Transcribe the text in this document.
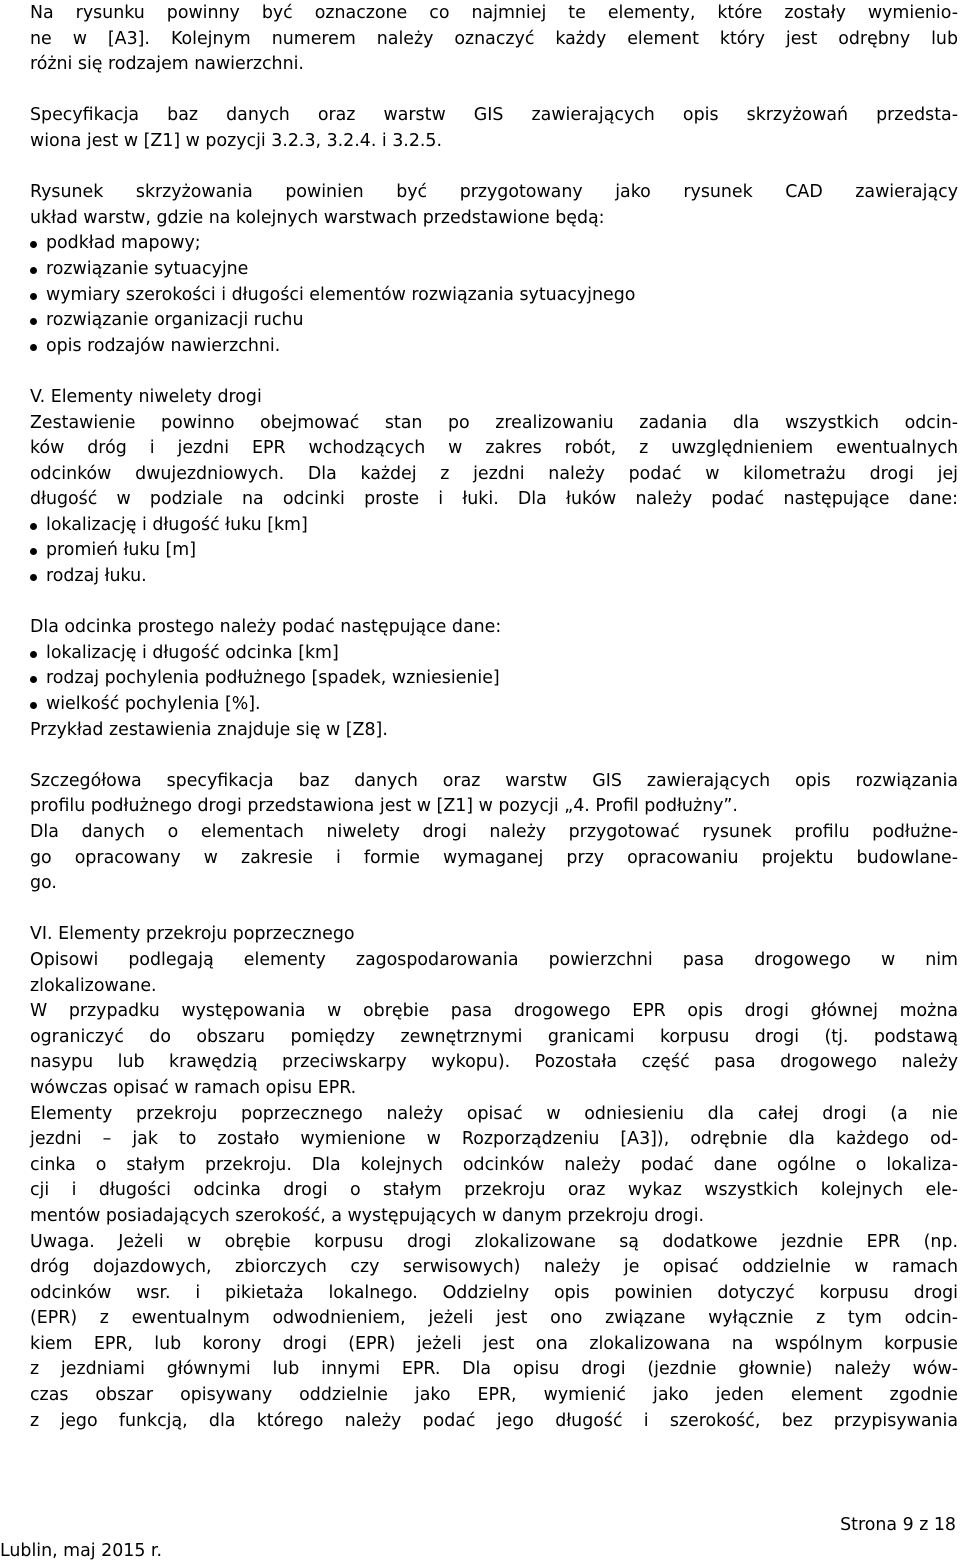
Na rysunku powinny być oznaczone co najmniej te elementy, które zostały wymienio-
ne w [A3]. Kolejnym numerem należy oznaczyć każdy element który jest odrębny lub
różni się rodzajem nawierzchni.
Specyfikacja baz danych oraz warstw GIS zawierających opis skrzyżowań przedsta-
wiona jest w [Z1] w pozycji 3.2.3, 3.2.4. i 3.2.5.
Rysunek skrzyżowania powinien być przygotowany jako rysunek CAD zawierający
układ warstw, gdzie na kolejnych warstwach przedstawione będą:
podkład mapowy;
rozwiązanie sytuacyjne
wymiary szerokości i długości elementów rozwiązania sytuacyjnego
rozwiązanie organizacji ruchu
opis rodzajów nawierzchni.
V. Elementy niwelety drogi
Zestawienie powinno obejmować stan po zrealizowaniu zadania dla wszystkich odcin-
ków dróg i jezdni EPR wchodzących w zakres robót, z uwzględnieniem ewentualnych
odcinków dwujezdniowych. Dla każdej z jezdni należy podać w kilometrażu drogi jej
długość w podziale na odcinki proste i łuki. Dla łuków należy podać następujące dane:
lokalizację i długość łuku [km]
promień łuku [m]
rodzaj łuku.
Dla odcinka prostego należy podać następujące dane:
lokalizację i długość odcinka [km]
rodzaj pochylenia podłużnego [spadek, wzniesienie]
wielkość pochylenia [%].
Przykład zestawienia znajduje się w [Z8].
Szczegółowa specyfikacja baz danych oraz warstw GIS zawierających opis rozwiązania
profilu podłużnego drogi przedstawiona jest w [Z1] w pozycji „4. Profil podłużny”.
Dla danych o elementach niwelety drogi należy przygotować rysunek profilu podłużne-
go opracowany w zakresie i formie wymaganej przy opracowaniu projektu budowlane-
go.
VI. Elementy przekroju poprzecznego
Opisowi podlegają elementy zagospodarowania powierzchni pasa drogowego w nim
zlokalizowane.
W przypadku występowania w obrębie pasa drogowego EPR opis drogi głównej można
ograniczyć do obszaru pomiędzy zewnętrznymi granicami korpusu drogi (tj. podstawą
nasypu lub krawędzią przeciwskarpy wykopu). Pozostała część pasa drogowego należy
wówczas opisać w ramach opisu EPR.
Elementy przekroju poprzecznego należy opisać w odniesieniu dla całej drogi (a nie
jezdni – jak to zostało wymienione w Rozporządzeniu [A3]), odrębnie dla każdego od-
cinka o stałym przekroju. Dla kolejnych odcinków należy podać dane ogólne o lokaliza-
cji i długości odcinka drogi o stałym przekroju oraz wykaz wszystkich kolejnych ele-
mentów posiadających szerokość, a występujących w danym przekroju drogi.
Uwaga. Jeżeli w obrębie korpusu drogi zlokalizowane są dodatkowe jezdnie EPR (np.
dróg dojazdowych, zbiorczych czy serwisowych) należy je opisać oddzielnie w ramach
odcinków wsr. i pikietaża lokalnego. Oddzielny opis powinien dotyczyć korpusu drogi
(EPR) z ewentualnym odwodnieniem, jeżeli jest ono związane wyłącznie z tym odcin-
kiem EPR, lub korony drogi (EPR) jeżeli jest ona zlokalizowana na wspólnym korpusie
z jezdniami głównymi lub innymi EPR. Dla opisu drogi (jezdnie głownie) należy wów-
czas obszar opisywany oddzielnie jako EPR, wymienić jako jeden element zgodnie
z jego funkcją, dla którego należy podać jego długość i szerokość, bez przypisywania
Strona 9 z 18
Lublin, maj 2015 r.
